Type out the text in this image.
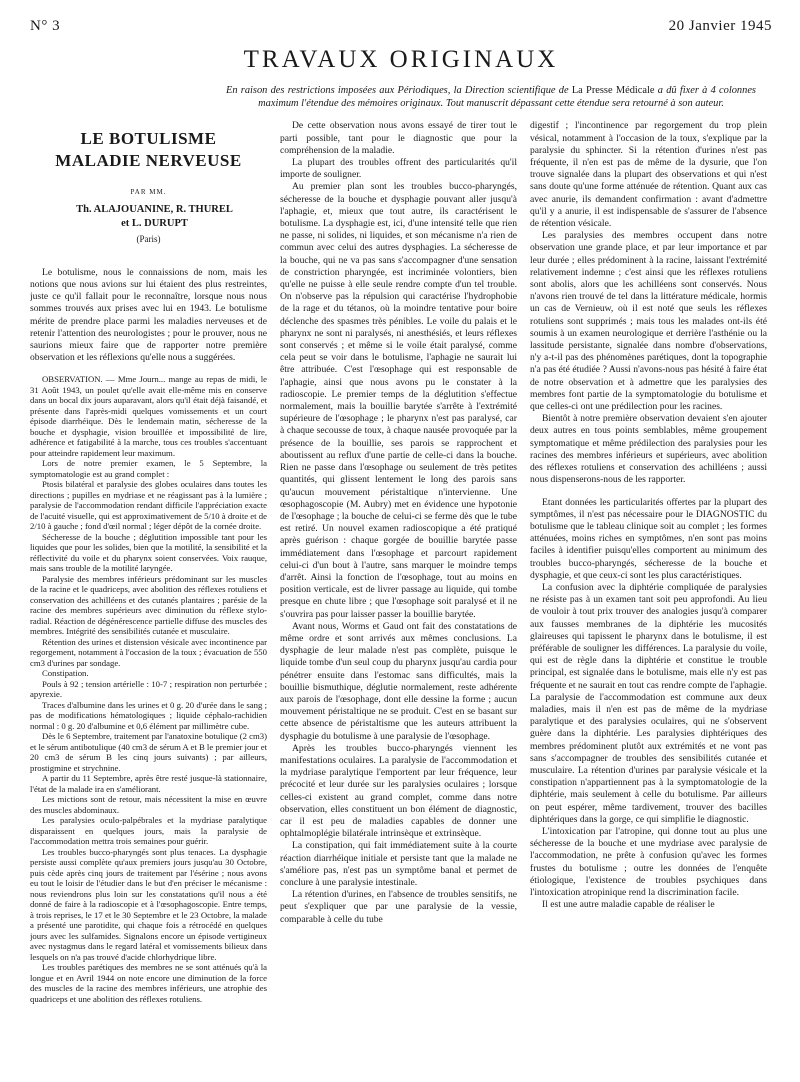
N° 3	20 Janvier 1945
TRAVAUX ORIGINAUX

En raison des restrictions imposées aux Périodiques, la Direction scientifique de La Presse Médicale a dû fixer à 4 colonnes maximum l'étendue des mémoires originaux. Tout manuscrit dépassant cette étendue sera retourné à son auteur.

LE BOTULISME
MALADIE NERVEUSE
PAR MM.

Th. ALAJOUANINE, R. THUREL

et L. DURUPT

(Paris)

Le botulisme, nous le connaissions de nom, mais les notions que nous avions sur lui étaient des plus restreintes, juste ce qu'il fallait pour le reconnaître, lorsque nous nous sommes trouvés aux prises avec lui en 1943. Le botulisme mérite de prendre place parmi les maladies nerveuses et de retenir l'attention des neurologistes ; pour le prouver, nous ne saurions mieux faire que de rapporter notre première observation et les réflexions qu'elle nous a suggérées.

OBSERVATION. — Mme Journ... mange au repas de midi, le 31 Août 1943, un poulet qu'elle avait elle-même mis en conserve dans un bocal dix jours auparavant, alors qu'il était déjà faisandé, et présente dans l'après-midi quelques vomissements et un court épisode diarrhéique. Dès le lendemain matin, sécheresse de la bouche et dysphagie, vision brouillée et impossibilité de lire, adhérence et fatigabilité à la marche, tous ces troubles s'accentuant pour atteindre rapidement leur maximum.

Lors de notre premier examen, le 5 Septembre, la symptomatologie est au grand complet :

Ptosis bilatéral et paralysie des globes oculaires dans toutes les directions ; pupilles en mydriase et ne réagissant pas à la lumière ; paralysie de l'accommodation rendant difficile l'appréciation exacte de l'acuité visuelle, qui est approximativement de 5/10 à droite et de 2/10 à gauche ; fond d'œil normal ; léger dépôt de la cornée droite.

Sécheresse de la bouche ; déglutition impossible tant pour les liquides que pour les solides, bien que la motilité, la sensibilité et la réflectivité du voile et du pharynx soient conservées. Voix rauque, mais sans trouble de la motilité laryngée.

Paralysie des membres inférieurs prédominant sur les muscles de la racine et le quadriceps, avec abolition des réflexes rotuliens et conservation des achilléens et des cutanés plantaires ; parésie de la racine des membres supérieurs avec diminution du réflexe stylo-radial. Réaction de dégénérescence partielle diffuse des muscles des membres. Intégrité des sensibilités cutanée et musculaire.

Rétention des urines et distension vésicale avec incontinence par regorgement, notamment à l'occasion de la toux ; évacuation de 550 cm3 d'urines par sondage.

Constipation.

Pouls à 92 ; tension artérielle : 10-7 ; respiration non perturbée ; apyrexie.

Traces d'albumine dans les urines et 0 g. 20 d'urée dans le sang ; pas de modifications hématologiques ; liquide céphalo-rachidien normal : 0 g. 20 d'albumine et 0,6 élément par millimètre cube.

Dès le 6 Septembre, traitement par l'anatoxine botulique (2 cm3) et le sérum antibotulique (40 cm3 de sérum A et B le premier jour et 20 cm3 de sérum B les cinq jours suivants) ; par ailleurs, prostigmine et strychnine.

A partir du 11 Septembre, après être resté jusque-là stationnaire, l'état de la malade ira en s'améliorant.

Les mictions sont de retour, mais nécessitent la mise en œuvre des muscles abdominaux.

Les paralysies oculo-palpébrales et la mydriase paralytique disparaissent en quelques jours, mais la paralysie de l'accommodation mettra trois semaines pour guérir.

Les troubles bucco-pharyngés sont plus tenaces. La dysphagie persiste aussi complète qu'aux premiers jours jusqu'au 30 Octobre, puis cède après cinq jours de traitement par l'ésérine ; nous avons eu tout le loisir de l'étudier dans le but d'en préciser le mécanisme : nous reviendrons plus loin sur les constatations qu'il nous a été donné de faire à la radioscopie et à l'œsophagoscopie. Entre temps, à trois reprises, le 17 et le 30 Septembre et le 23 Octobre, la malade a présenté une parotidite, qui chaque fois a rétrocédé en quelques jours avec les sulfamides. Signalons encore un épisode vertigineux avec nystagmus dans le regard latéral et vomissements bilieux dans lesquels on n'a pas trouvé d'acide chlorhydrique libre.

Les troubles parétiques des membres ne se sont atténués qu'à la longue et en Avril 1944 on note encore une diminution de la force des muscles de la racine des membres inférieurs, une atrophie des quadriceps et une abolition des réflexes rotuliens.

De cette observation nous avons essayé de tirer tout le parti possible, tant pour le diagnostic que pour la compréhension de la maladie.

La plupart des troubles offrent des particularités qu'il importe de souligner.

Au premier plan sont les troubles bucco-pharyngés, sécheresse de la bouche et dysphagie pouvant aller jusqu'à l'aphagie, et, mieux que tout autre, ils caractérisent le botulisme. La dysphagie est, ici, d'une intensité telle que rien ne passe, ni solides, ni liquides, et son mécanisme n'a rien de commun avec celui des autres dysphagies. La sécheresse de la bouche, qui ne va pas sans s'accompagner d'une sensation de constriction pharyngée, est incriminée volontiers, bien qu'elle ne puisse à elle seule rendre compte d'un tel trouble. On n'observe pas la répulsion qui caractérise l'hydrophobie de la rage et du tétanos, où la moindre tentative pour boire déclenche des spasmes très pénibles. Le voile du palais et le pharynx ne sont ni paralysés, ni anesthésiés, et leurs réflexes sont conservés ; et même si le voile était paralysé, comme cela peut se voir dans le botulisme, l'aphagie ne saurait lui être attribuée. C'est l'œsophage qui est responsable de l'aphagie, ainsi que nous avons pu le constater à la radioscopie. Le premier temps de la déglutition s'effectue normalement, mais la bouillie barytée s'arrête à l'extrémité supérieure de l'œsophage ; le pharynx n'est pas paralysé, car à chaque secousse de toux, à chaque nausée provoquée par la présence de la bouillie, ses parois se rapprochent et aboutissent au reflux d'une partie de celle-ci dans la bouche. Rien ne passe dans l'œsophage ou seulement de très petites quantités, qui glissent lentement le long des parois sans qu'aucun mouvement péristaltique n'intervienne. Une œsophagoscopie (M. Aubry) met en évidence une hypotonie de l'œsophage ; la bouche de celui-ci se ferme dès que le tube est retiré. Un nouvel examen radioscopique a été pratiqué après guérison : chaque gorgée de bouillie barytée passe immédiatement dans l'œsophage et parcourt rapidement celui-ci d'un bout à l'autre, sans marquer le moindre temps d'arrêt. Ainsi la fonction de l'œsophage, tout au moins en position verticale, est de livrer passage au liquide, qui tombe presque en chute libre ; que l'œsophage soit paralysé et il ne s'ouvrira pas pour laisser passer la bouillie barytée.

Avant nous, Worms et Gaud ont fait des constatations de même ordre et sont arrivés aux mêmes conclusions. La dysphagie de leur malade n'est pas complète, puisque le liquide tombe d'un seul coup du pharynx jusqu'au cardia pour pénétrer ensuite dans l'estomac sans difficultés, mais la bouillie bismuthique, déglutie normalement, reste adhérente aux parois de l'œsophage, dont elle dessine la forme ; aucun mouvement péristaltique ne se produit. C'est en se basant sur cette absence de péristaltisme que les auteurs attribuent la dysphagie du botulisme à une paralysie de l'œsophage.

Après les troubles bucco-pharyngés viennent les manifestations oculaires. La paralysie de l'accommodation et la mydriase paralytique l'emportent par leur fréquence, leur précocité et leur durée sur les paralysies oculaires ; lorsque celles-ci existent au grand complet, comme dans notre observation, elles constituent un bon élément de diagnostic, car il est peu de maladies capables de donner une ophtalmoplégie bilatérale intrinsèque et extrinsèque.

La constipation, qui fait immédiatement suite à la courte réaction diarrhéique initiale et persiste tant que la malade ne s'améliore pas, n'est pas un symptôme banal et permet de conclure à une paralysie intestinale.

La rétention d'urines, en l'absence de troubles sensitifs, ne peut s'expliquer que par une paralysie de la vessie, comparable à celle du tube

digestif ; l'incontinence par regorgement du trop plein vésical, notamment à l'occasion de la toux, s'explique par la paralysie du sphincter. Si la rétention d'urines n'est pas fréquente, il n'en est pas de même de la dysurie, que l'on trouve signalée dans la plupart des observations et qui n'est sans doute qu'une forme atténuée de rétention. Quant aux cas avec anurie, ils demandent confirmation : avant d'admettre qu'il y a anurie, il est indispensable de s'assurer de l'absence de rétention vésicale.

Les paralysies des membres occupent dans notre observation une grande place, et par leur importance et par leur durée ; elles prédominent à la racine, laissant l'extrémité relativement indemne ; c'est ainsi que les réflexes rotuliens sont abolis, alors que les achilléens sont conservés. Nous n'avons rien trouvé de tel dans la littérature médicale, hormis un cas de Vernieuw, où il est noté que seuls les réflexes rotuliens sont supprimés ; mais tous les malades ont-ils été soumis à un examen neurologique et derrière l'asthénie ou la lassitude persistante, signalée dans nombre d'observations, n'y a-t-il pas des phénomènes parétiques, dont la topographie n'a pas été étudiée ? Aussi n'avons-nous pas hésité à faire état de notre observation et à admettre que les paralysies des membres font partie de la symptomatologie du botulisme et que celles-ci ont une prédilection pour les racines.

Bientôt à notre première observation devaient s'en ajouter deux autres en tous points semblables, même groupement symptomatique et même prédilection des paralysies pour les racines des membres inférieurs et supérieurs, avec abolition des réflexes rotuliens et conservation des achilléens ; aussi nous dispenserons-nous de les rapporter.

Etant données les particularités offertes par la plupart des symptômes, il n'est pas nécessaire pour le DIAGNOSTIC du botulisme que le tableau clinique soit au complet ; les formes atténuées, moins riches en symptômes, n'en sont pas moins faciles à identifier puisqu'elles comportent au minimum des troubles bucco-pharyngés, sécheresse de la bouche et dysphagie, et que ceux-ci sont les plus caractéristiques.

La confusion avec la diphtérie compliquée de paralysies ne résiste pas à un examen tant soit peu approfondi. Au lieu de vouloir à tout prix trouver des analogies jusqu'à comparer aux fausses membranes de la diphtérie les mucosités glaireuses qui tapissent le pharynx dans le botulisme, il est préférable de souligner les différences. La paralysie du voile, qui est de règle dans la diphtérie et constitue le trouble principal, est signalée dans le botulisme, mais elle n'y est pas fréquente et ne saurait en tout cas rendre compte de l'aphagie. La paralysie de l'accommodation est commune aux deux maladies, mais il n'en est pas de même de la mydriase paralytique et des paralysies oculaires, qui ne s'observent guère dans la diphtérie. Les paralysies diphtériques des membres prédominent plutôt aux extrémités et ne vont pas sans s'accompagner de troubles des sensibilités cutanée et musculaire. La rétention d'urines par paralysie vésicale et la constipation n'appartiennent pas à la symptomatologie de la diphtérie, mais seulement à celle du botulisme. Par ailleurs on peut espérer, même tardivement, trouver des bacilles diphtériques dans la gorge, ce qui simplifie le diagnostic.

L'intoxication par l'atropine, qui donne tout au plus une sécheresse de la bouche et une mydriase avec paralysie de l'accommodation, ne prête à confusion qu'avec les formes frustes du botulisme ; outre les données de l'enquête étiologique, l'existence de troubles psychiques dans l'intoxication atropinique rend la discrimination facile.

Il est une autre maladie capable de réaliser le
